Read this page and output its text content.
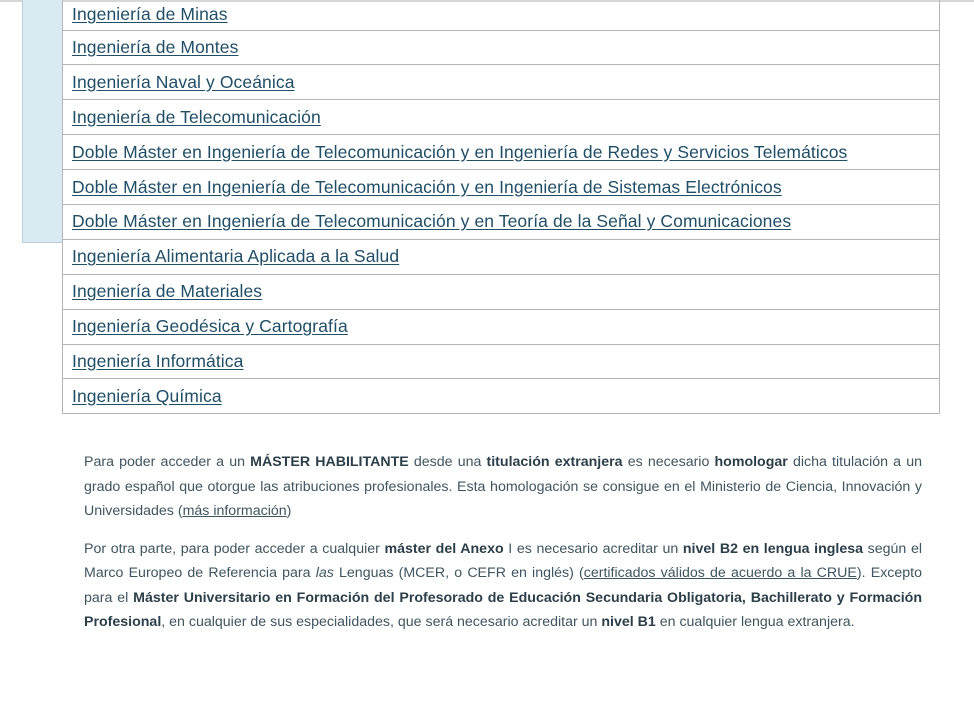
Ingeniería de Minas
Ingeniería de Montes
Ingeniería Naval y Oceánica
Ingeniería de Telecomunicación
Doble Máster en Ingeniería de Telecomunicación y en Ingeniería de Redes y Servicios Telemáticos
Doble Máster en Ingeniería de Telecomunicación y en Ingeniería de Sistemas Electrónicos
Doble Máster en Ingeniería de Telecomunicación y en Teoría de la Señal y Comunicaciones
Ingeniería Alimentaria Aplicada a la Salud
Ingeniería de Materiales
Ingeniería Geodésica y Cartografía
Ingeniería Informática
Ingeniería Química

Para poder acceder a un MÁSTER HABILITANTE desde una titulación extranjera es necesario homologar dicha titulación a un grado español que otorgue las atribuciones profesionales. Esta homologación se consigue en el Ministerio de Ciencia, Innovación y Universidades (más información)

Por otra parte, para poder acceder a cualquier máster del Anexo I es necesario acreditar un nivel B2 en lengua inglesa según el Marco Europeo de Referencia para las Lenguas (MCER, o CEFR en inglés) (certificados válidos de acuerdo a la CRUE). Excepto para el Máster Universitario en Formación del Profesorado de Educación Secundaria Obligatoria, Bachillerato y Formación Profesional, en cualquier de sus especialidades, que será necesario acreditar un nivel B1 en cualquier lengua extranjera.
